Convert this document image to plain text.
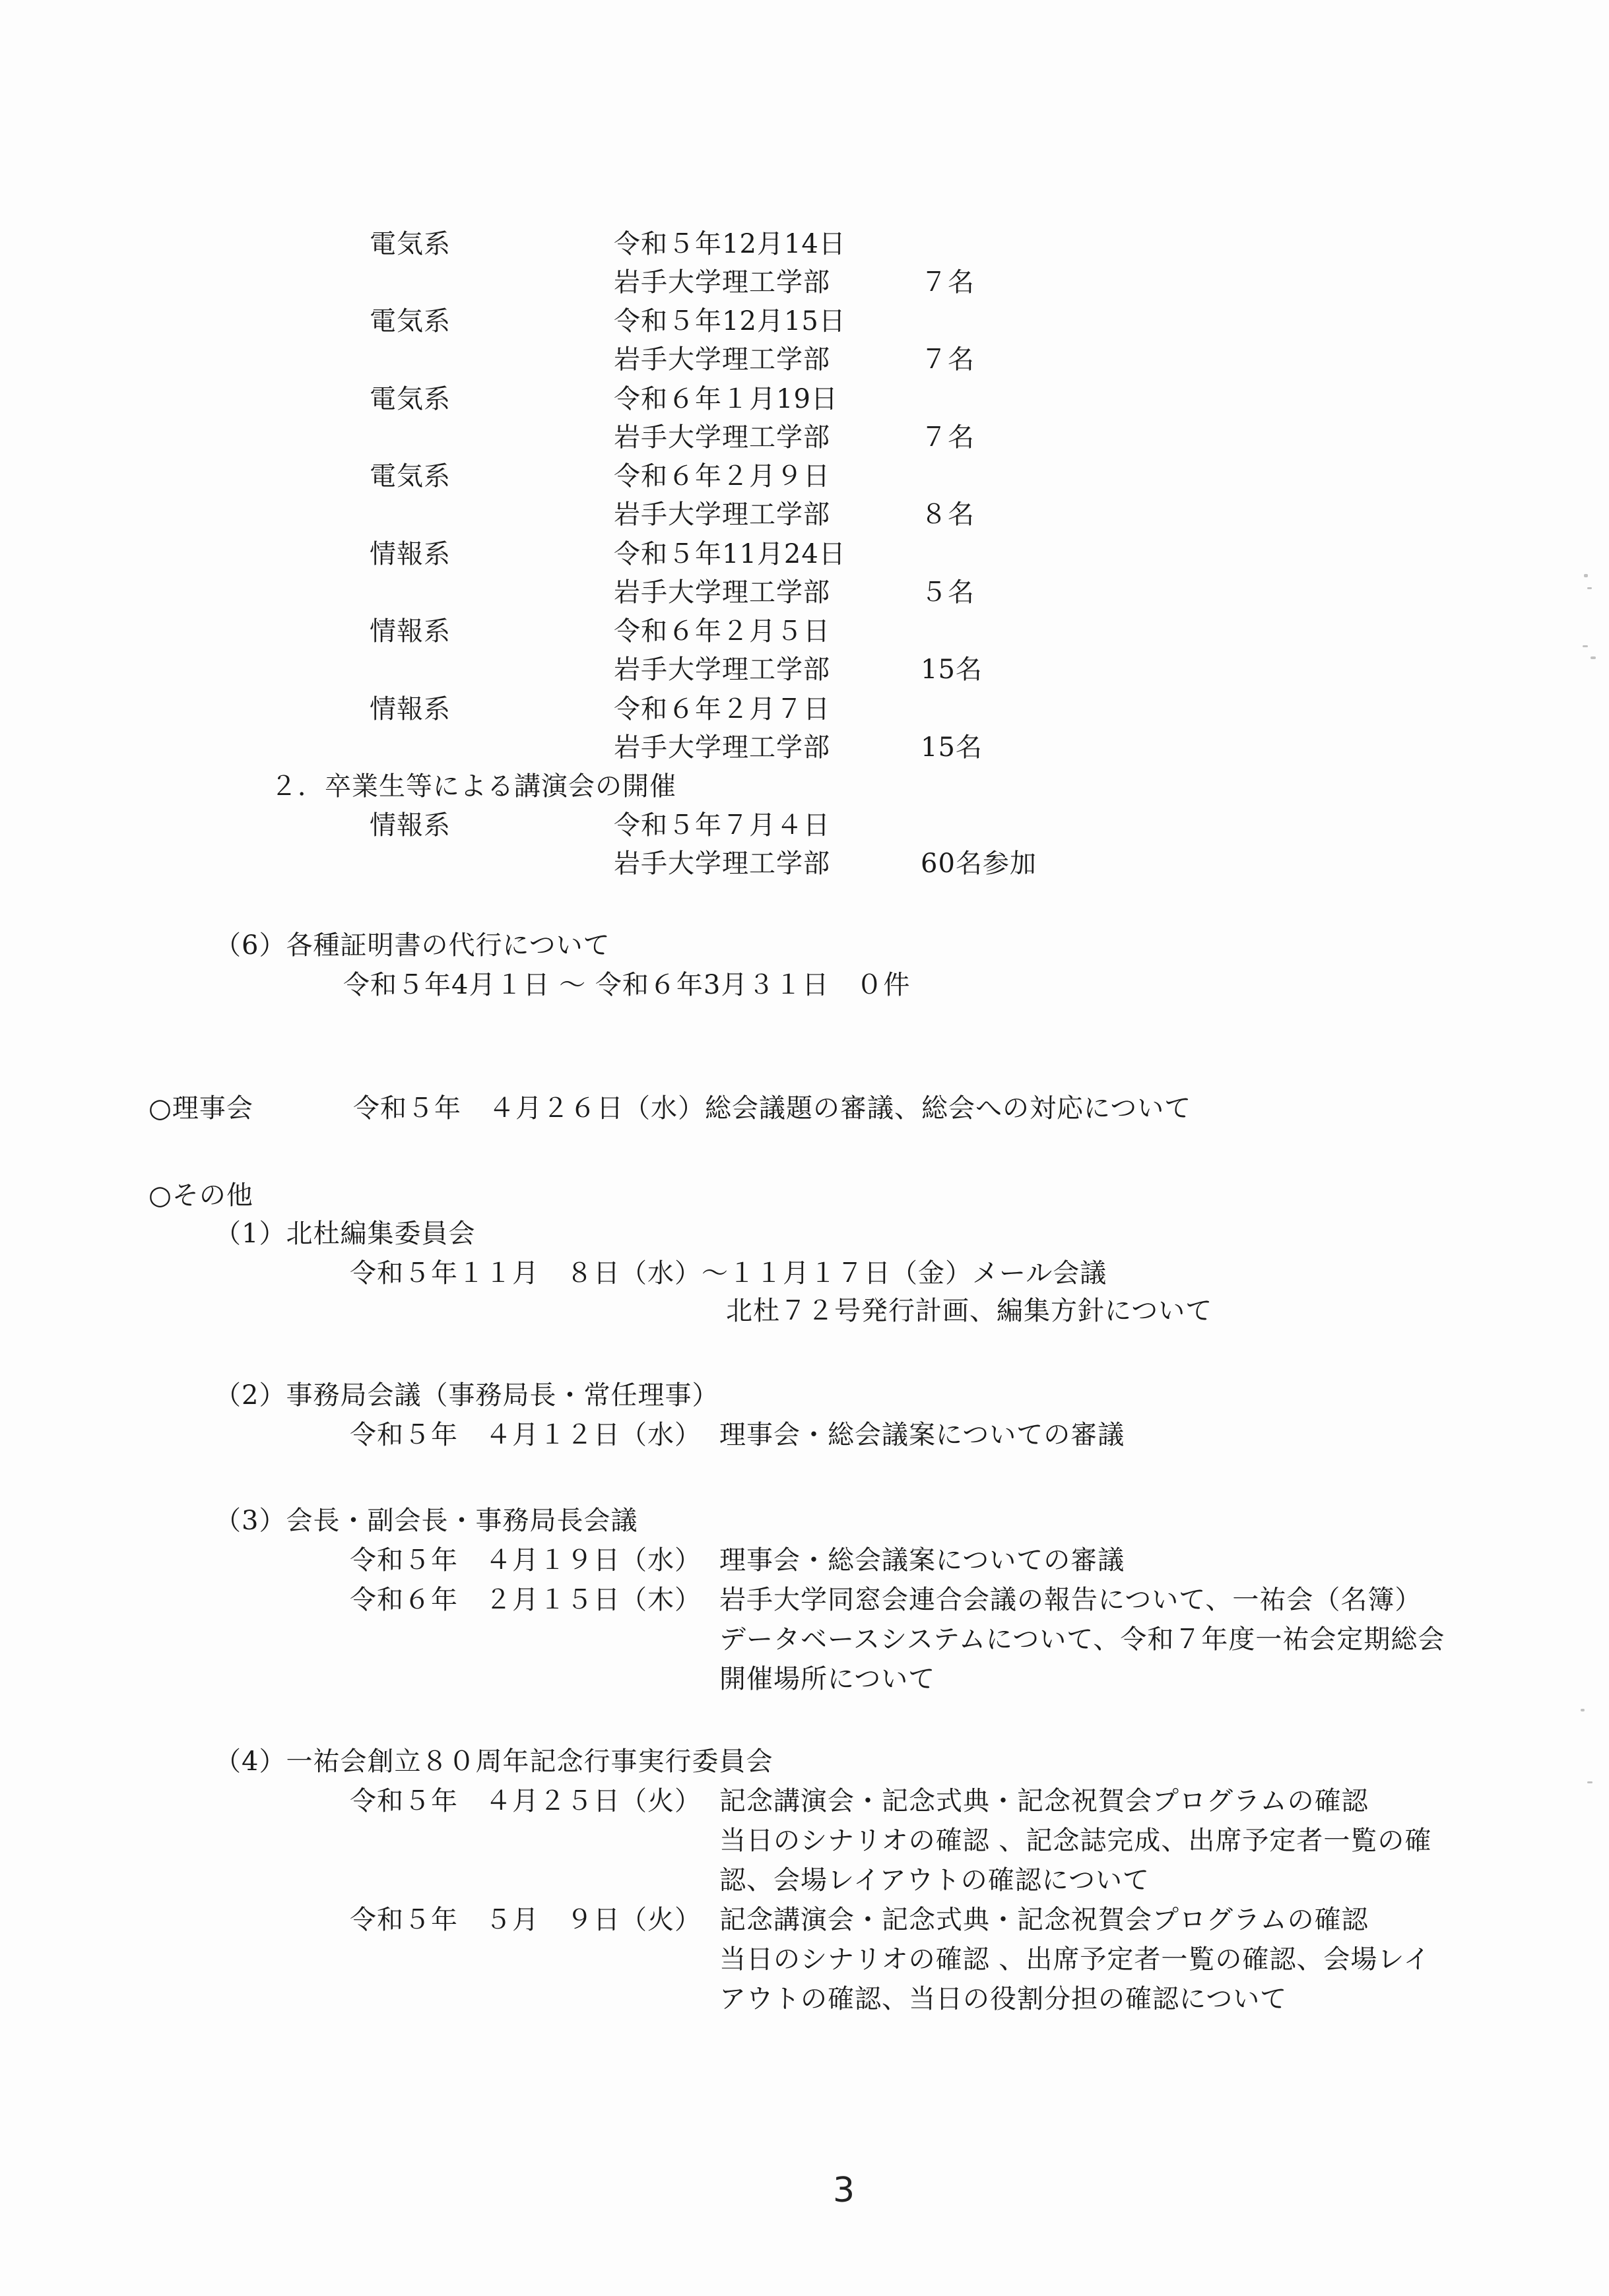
電気系	令和５年12月14日
岩手大学理工学部	７名
電気系	令和５年12月15日
岩手大学理工学部	７名
電気系	令和６年１月19日
岩手大学理工学部	７名
電気系	令和６年２月９日
岩手大学理工学部	８名
情報系	令和５年11月24日
岩手大学理工学部	５名
情報系	令和６年２月５日
岩手大学理工学部	15名
情報系	令和６年２月７日
岩手大学理工学部	15名
２．卒業生等による講演会の開催
情報系	令和５年７月４日
岩手大学理工学部	60名参加
（6）各種証明書の代行について
令和５年4月１日 ～ 令和６年3月３１日　０件
○理事会	令和５年　４月２６日（水）総会議題の審議、総会への対応について
○その他
（1）北杜編集委員会
令和５年１１月　８日（水）～１１月１７日（金）メール会議
北杜７２号発行計画、編集方針について
（2）事務局会議（事務局長・常任理事）
令和５年　４月１２日（水） 理事会・総会議案についての審議
（3）会長・副会長・事務局長会議
令和５年　４月１９日（水） 理事会・総会議案についての審議
令和６年　２月１５日（木） 岩手大学同窓会連合会議の報告について、一祐会（名簿）
データベースシステムについて、令和７年度一祐会定期総会
開催場所について
（4）一祐会創立８０周年記念行事実行委員会
令和５年　４月２５日（火） 記念講演会・記念式典・記念祝賀会プログラムの確認
当日のシナリオの確認 、記念誌完成、出席予定者一覧の確
認、会場レイアウトの確認について
令和５年　５月　９日（火） 記念講演会・記念式典・記念祝賀会プログラムの確認
当日のシナリオの確認 、出席予定者一覧の確認、会場レイ
アウトの確認、当日の役割分担の確認について
3
